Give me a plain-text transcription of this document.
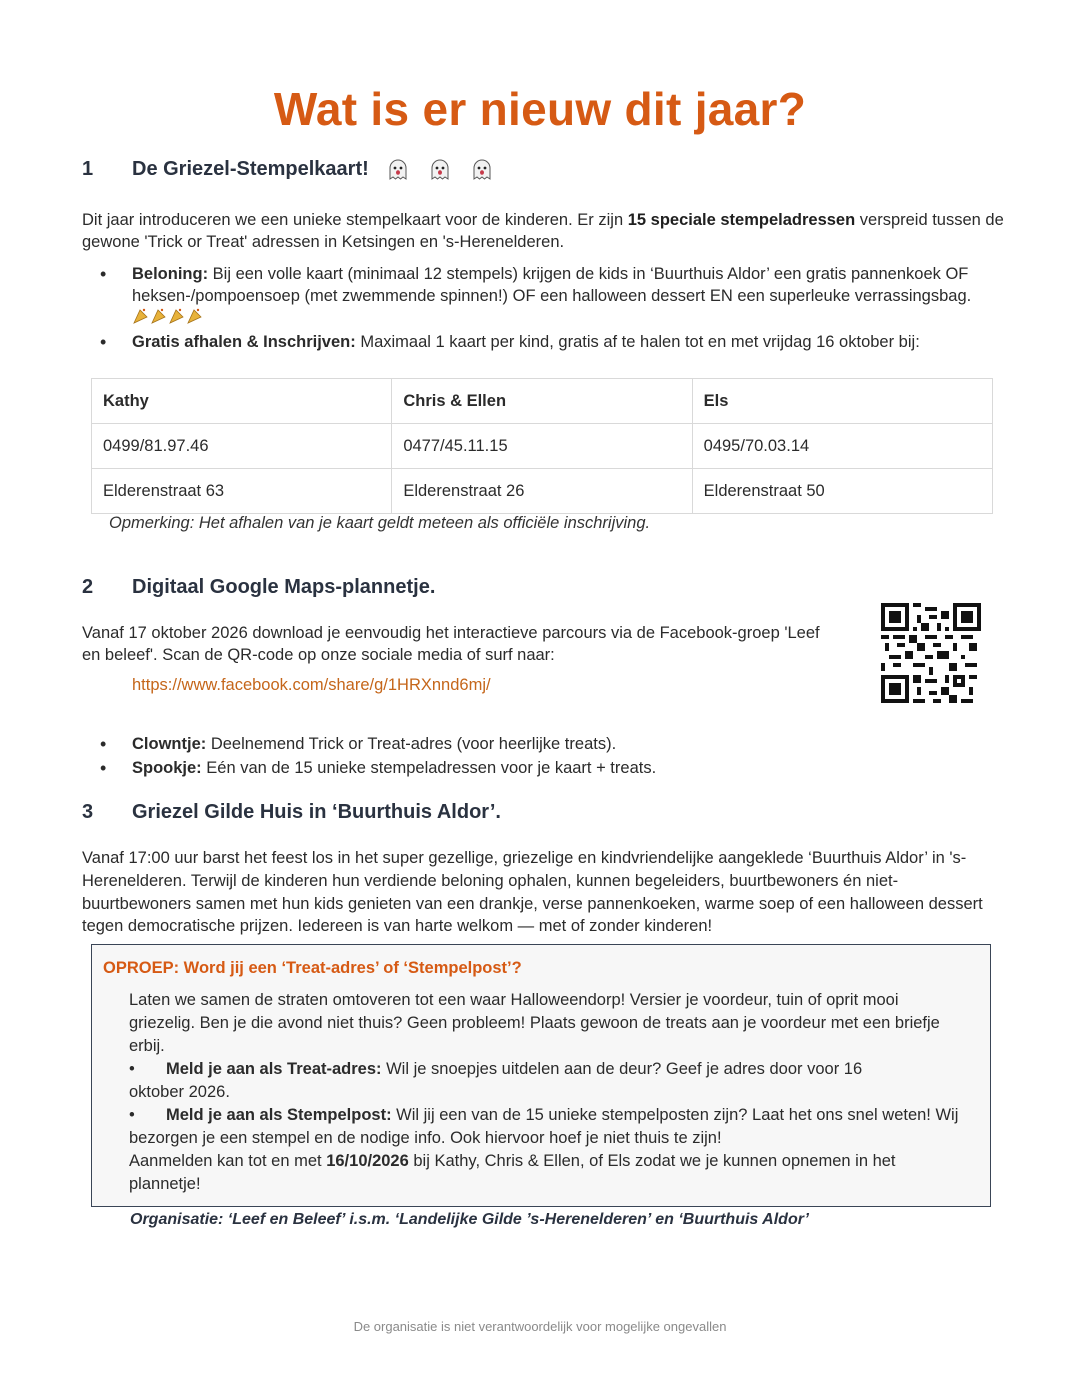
Wat is er nieuw dit jaar?
1	De Griezel-Stempelkaart!
Dit jaar introduceren we een unieke stempelkaart voor de kinderen. Er zijn 15 speciale stempeladressen verspreid tussen de gewone 'Trick or Treat' adressen in Ketsingen en 's-Herenelderen.
• Beloning: Bij een volle kaart (minimaal 12 stempels) krijgen de kids in ‘Buurthuis Aldor’ een gratis pannenkoek OF heksen-/pompoensoep (met zwemmende spinnen!) OF een halloween dessert EN een superleuke verrassingsbag.
• Gratis afhalen & Inschrijven: Maximaal 1 kaart per kind, gratis af te halen tot en met vrijdag 16 oktober bij:
Kathy	Chris & Ellen	Els
0499/81.97.46	0477/45.11.15	0495/70.03.14
Elderenstraat 63	Elderenstraat 26	Elderenstraat 50
Opmerking: Het afhalen van je kaart geldt meteen als officiële inschrijving.
2	Digitaal Google Maps-plannetje.
Vanaf 17 oktober 2026 download je eenvoudig het interactieve parcours via de Facebook-groep 'Leef en beleef'. Scan de QR-code op onze sociale media of surf naar:
https://www.facebook.com/share/g/1HRXnnd6mj/
• Clowntje: Deelnemend Trick or Treat-adres (voor heerlijke treats).
• Spookje: Eén van de 15 unieke stempeladressen voor je kaart + treats.
3	Griezel Gilde Huis in ‘Buurthuis Aldor’.
Vanaf 17:00 uur barst het feest los in het super gezellige, griezelige en kindvriendelijke aangeklede ‘Buurthuis Aldor’ in 's-Herenelderen. Terwijl de kinderen hun verdiende beloning ophalen, kunnen begeleiders, buurtbewoners én niet-buurtbewoners samen met hun kids genieten van een drankje, verse pannenkoeken, warme soep of een halloween dessert tegen democratische prijzen. Iedereen is van harte welkom — met of zonder kinderen!
OPROEP: Word jij een ‘Treat-adres’ of ‘Stempelpost’?
Laten we samen de straten omtoveren tot een waar Halloweendorp! Versier je voordeur, tuin of oprit mooi griezelig. Ben je die avond niet thuis? Geen probleem! Plaats gewoon de treats aan je voordeur met een briefje erbij.
• Meld je aan als Treat-adres: Wil je snoepjes uitdelen aan de deur? Geef je adres door voor 16 oktober 2026.
• Meld je aan als Stempelpost: Wil jij een van de 15 unieke stempelposten zijn? Laat het ons snel weten! Wij bezorgen je een stempel en de nodige info. Ook hiervoor hoef je niet thuis te zijn!
Aanmelden kan tot en met 16/10/2026 bij Kathy, Chris & Ellen, of Els zodat we je kunnen opnemen in het plannetje!
Organisatie: ‘Leef en Beleef’ i.s.m. ‘Landelijke Gilde ’s-Herenelderen’ en ‘Buurthuis Aldor’
De organisatie is niet verantwoordelijk voor mogelijke ongevallen
